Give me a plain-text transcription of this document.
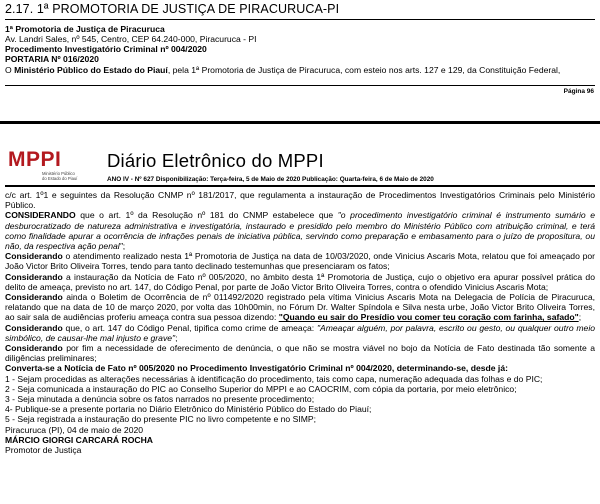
2.17. 1ª PROMOTORIA DE JUSTIÇA DE PIRACURUCA-PI
1ª Promotoria de Justiça de Piracuruca
Av. Landri Sales, nº 545, Centro, CEP 64.240-000, Piracuruca - PI
Procedimento Investigatório Criminal nº 004/2020
PORTARIA Nº 016/2020
O Ministério Público do Estado do Piauí, pela 1ª Promotoria de Justiça de Piracuruca, com esteio nos arts. 127 e 129, da Constituição Federal,
Página 96
MPPI
Ministério Público
do Estado do Piauí
Diário Eletrônico do MPPI
ANO IV - Nº 627 Disponibilização: Terça-feira, 5 de Maio de 2020 Publicação: Quarta-feira, 6 de Maio de 2020

c/c art. 1º1 e seguintes da Resolução CNMP nº 181/2017, que regulamenta a instauração de Procedimentos Investigatórios Criminais pelo Ministério Público.

CONSIDERANDO que o art. 1º da Resolução nº 181 do CNMP estabelece que "o procedimento investigatório criminal é instrumento sumário e desburocratizado de natureza administrativa e investigatória, instaurado e presidido pelo membro do Ministério Público com atribuição criminal, e terá como finalidade apurar a ocorrência de infrações penais de iniciativa pública, servindo como preparação e embasamento para o juízo de propositura, ou não, da respectiva ação penal";

Considerando o atendimento realizado nesta 1ª Promotoria de Justiça na data de 10/03/2020, onde Vinicius Ascaris Mota, relatou que foi ameaçado por João Victor Brito Oliveira Torres, tendo para tanto declinado testemunhas que presenciaram os fatos;

Considerando a instauração da Notícia de Fato nº 005/2020, no âmbito desta 1ª Promotoria de Justiça, cujo o objetivo era apurar possível prática do delito de ameaça, previsto no art. 147, do Código Penal, por parte de João Victor Brito Oliveira Torres, contra o ofendido Vinicius Ascaris Mota;

Considerando ainda o Boletim de Ocorrência de nº 011492/2020 registrado pela vítima Vinicius Ascaris Mota na Delegacia de Polícia de Piracuruca, relatando que na data de 10 de março 2020, por volta das 10h00min, no Fórum Dr. Walter Spíndola e Silva nesta urbe, João Victor Brito Oliveira Torres, ao sair sala de audiências proferiu ameaça contra sua pessoa dizendo: "Quando eu sair do Presídio vou comer teu coração com farinha, safado";

Considerando que, o art. 147 do Código Penal, tipifica como crime de ameaça: "Ameaçar alguém, por palavra, escrito ou gesto, ou qualquer outro meio simbólico, de causar-lhe mal injusto e grave";

Considerando por fim a necessidade de oferecimento de denúncia, o que não se mostra viável no bojo da Notícia de Fato destinada tão somente a diligências preliminares;

Converta-se a Notícia de Fato nº 005/2020 no Procedimento Investigatório Criminal nº 004/2020, determinando-se, desde já:

1 - Sejam procedidas as alterações necessárias à identificação do procedimento, tais como capa, numeração adequada das folhas e do PIC;

2 - Seja comunicada a instauração do PIC ao Conselho Superior do MPPI e ao CAOCRIM, com cópia da portaria, por meio eletrônico;

3 - Seja minutada a denúncia sobre os fatos narrados no presente procedimento;

4- Publique-se a presente portaria no Diário Eletrônico do Ministério Público do Estado do Piauí;

5 - Seja registrada a instauração do presente PIC no livro competente e no SIMP;

Piracuruca (PI), 04 de maio de 2020

MÁRCIO GIORGI CARCARÁ ROCHA

Promotor de Justiça
